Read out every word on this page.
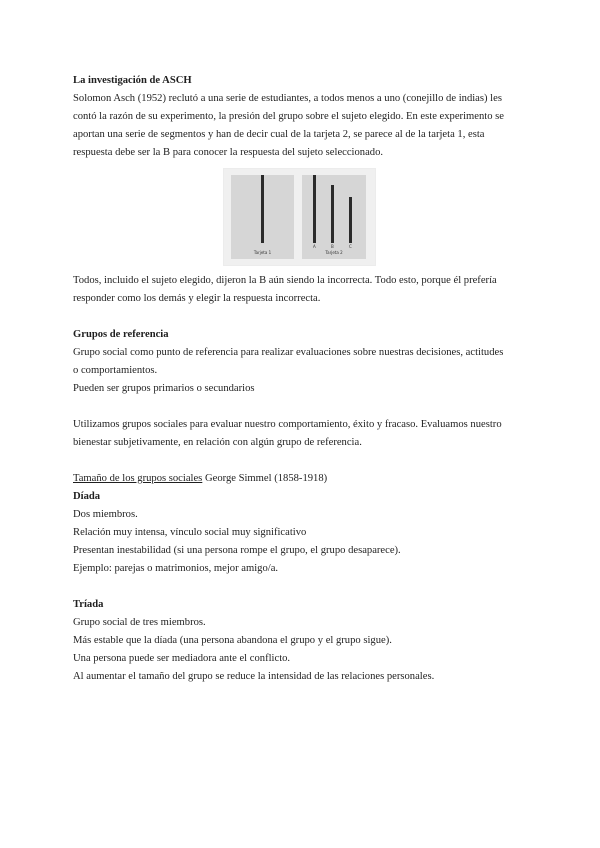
La investigación de ASCH

Solomon Asch (1952) reclutó a una serie de estudiantes, a todos menos a uno (conejillo de indias) les

contó la razón de su experimento, la presión del grupo sobre el sujeto elegido. En este experimento se

aportan una serie de segmentos y han de decir cual de la tarjeta 2, se parece al de la tarjeta 1, esta

respuesta debe ser la B para conocer la respuesta del sujeto seleccionado.

Tarjeta 1
A	B	C
Tarjeta 2

Todos, incluido el sujeto elegido, dijeron la B aún siendo la incorrecta. Todo esto, porque él prefería

responder como los demás y elegir la respuesta incorrecta.

Grupos de referencia

Grupo social como punto de referencia para realizar evaluaciones sobre nuestras decisiones, actitudes

o comportamientos.

Pueden ser grupos primarios o secundarios

Utilizamos grupos sociales para evaluar nuestro comportamiento, éxito y fracaso. Evaluamos nuestro

bienestar subjetivamente, en relación con algún grupo de referencia.

Tamaño de los grupos sociales George Simmel (1858-1918)

Díada

Dos miembros.

Relación muy intensa, vínculo social muy significativo

Presentan inestabilidad (si una persona rompe el grupo, el grupo desaparece).

Ejemplo: parejas o matrimonios, mejor amigo/a.

Tríada

Grupo social de tres miembros.

Más estable que la díada (una persona abandona el grupo y el grupo sigue).

Una persona puede ser mediadora ante el conflicto.

Al aumentar el tamaño del grupo se reduce la intensidad de las relaciones personales.
